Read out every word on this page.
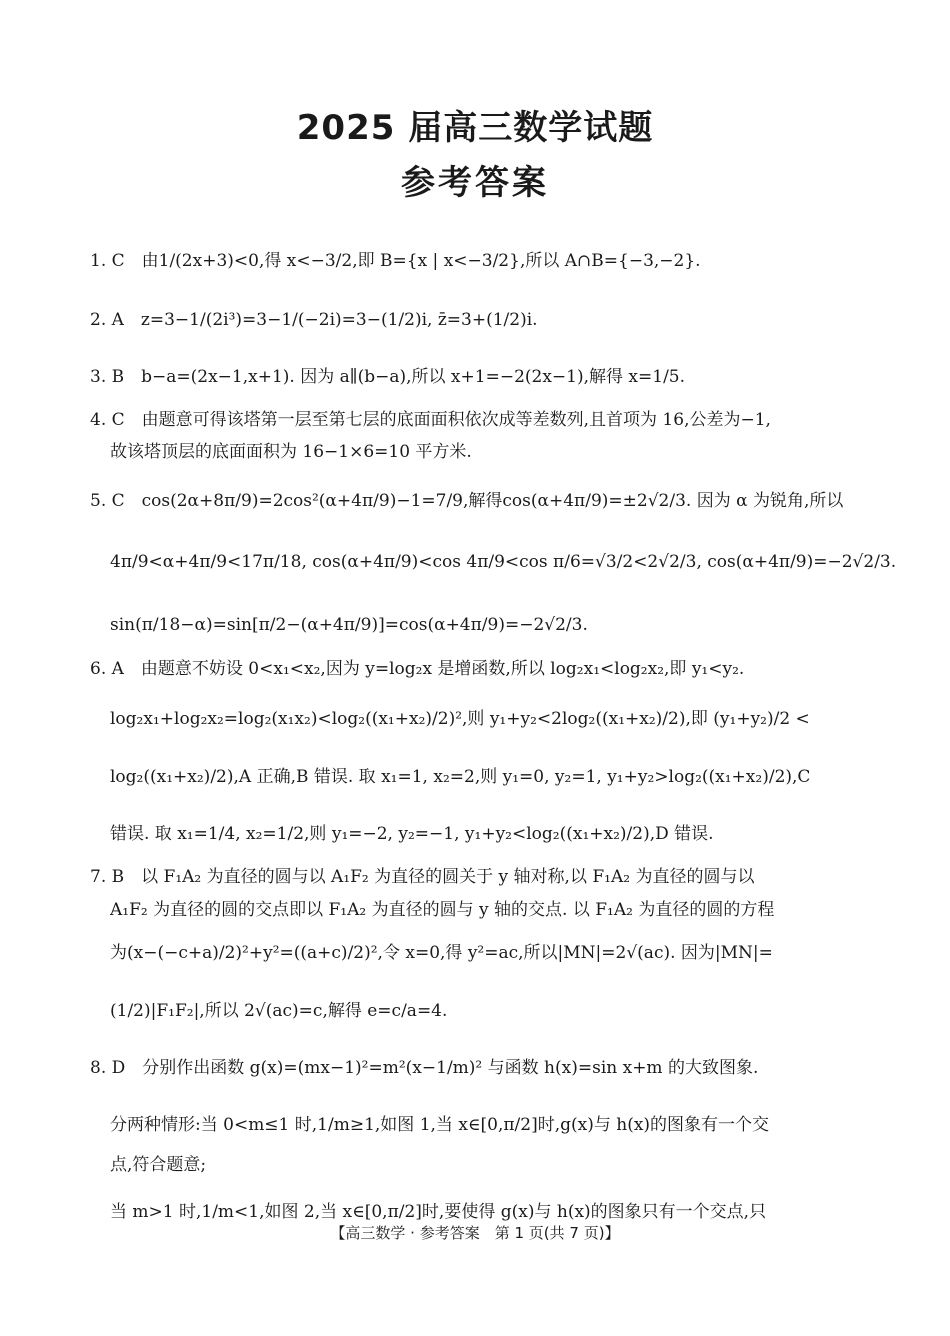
2025 届高三数学试题
参考答案
1. C　由1/(2x+3)<0,得 x<−3/2,即 B={x | x<−3/2},所以 A∩B={−3,−2}.
2. A　z=3−1/(2i³)=3−1/(−2i)=3−(1/2)i, z̄=3+(1/2)i.
3. B　b−a=(2x−1,x+1). 因为 a∥(b−a),所以 x+1=−2(2x−1),解得 x=1/5.
4. C　由题意可得该塔第一层至第七层的底面面积依次成等差数列,且首项为 16,公差为−1,
故该塔顶层的底面面积为 16−1×6=10 平方米.
5. C　cos(2α+8π/9)=2cos²(α+4π/9)−1=7/9,解得cos(α+4π/9)=±2√2/3. 因为 α 为锐角,所以
4π/9<α+4π/9<17π/18, cos(α+4π/9)<cos 4π/9<cos π/6=√3/2<2√2/3, cos(α+4π/9)=−2√2/3.
sin(π/18−α)=sin[π/2−(α+4π/9)]=cos(α+4π/9)=−2√2/3.
6. A　由题意不妨设 0<x₁<x₂,因为 y=log₂x 是增函数,所以 log₂x₁<log₂x₂,即 y₁<y₂.
log₂x₁+log₂x₂=log₂(x₁x₂)<log₂((x₁+x₂)/2)²,则 y₁+y₂<2log₂((x₁+x₂)/2),即 (y₁+y₂)/2 <
log₂((x₁+x₂)/2),A 正确,B 错误. 取 x₁=1, x₂=2,则 y₁=0, y₂=1, y₁+y₂>log₂((x₁+x₂)/2),C
错误. 取 x₁=1/4, x₂=1/2,则 y₁=−2, y₂=−1, y₁+y₂<log₂((x₁+x₂)/2),D 错误.
7. B　以 F₁A₂ 为直径的圆与以 A₁F₂ 为直径的圆关于 y 轴对称,以 F₁A₂ 为直径的圆与以
A₁F₂ 为直径的圆的交点即以 F₁A₂ 为直径的圆与 y 轴的交点. 以 F₁A₂ 为直径的圆的方程
为(x−(−c+a)/2)²+y²=((a+c)/2)²,令 x=0,得 y²=ac,所以|MN|=2√(ac). 因为|MN|=
(1/2)|F₁F₂|,所以 2√(ac)=c,解得 e=c/a=4.
8. D　分别作出函数 g(x)=(mx−1)²=m²(x−1/m)² 与函数 h(x)=sin x+m 的大致图象.
分两种情形:当 0<m≤1 时,1/m≥1,如图 1,当 x∈[0,π/2]时,g(x)与 h(x)的图象有一个交
点,符合题意;
当 m>1 时,1/m<1,如图 2,当 x∈[0,π/2]时,要使得 g(x)与 h(x)的图象只有一个交点,只
【高三数学 · 参考答案　第 1 页(共 7 页)】
